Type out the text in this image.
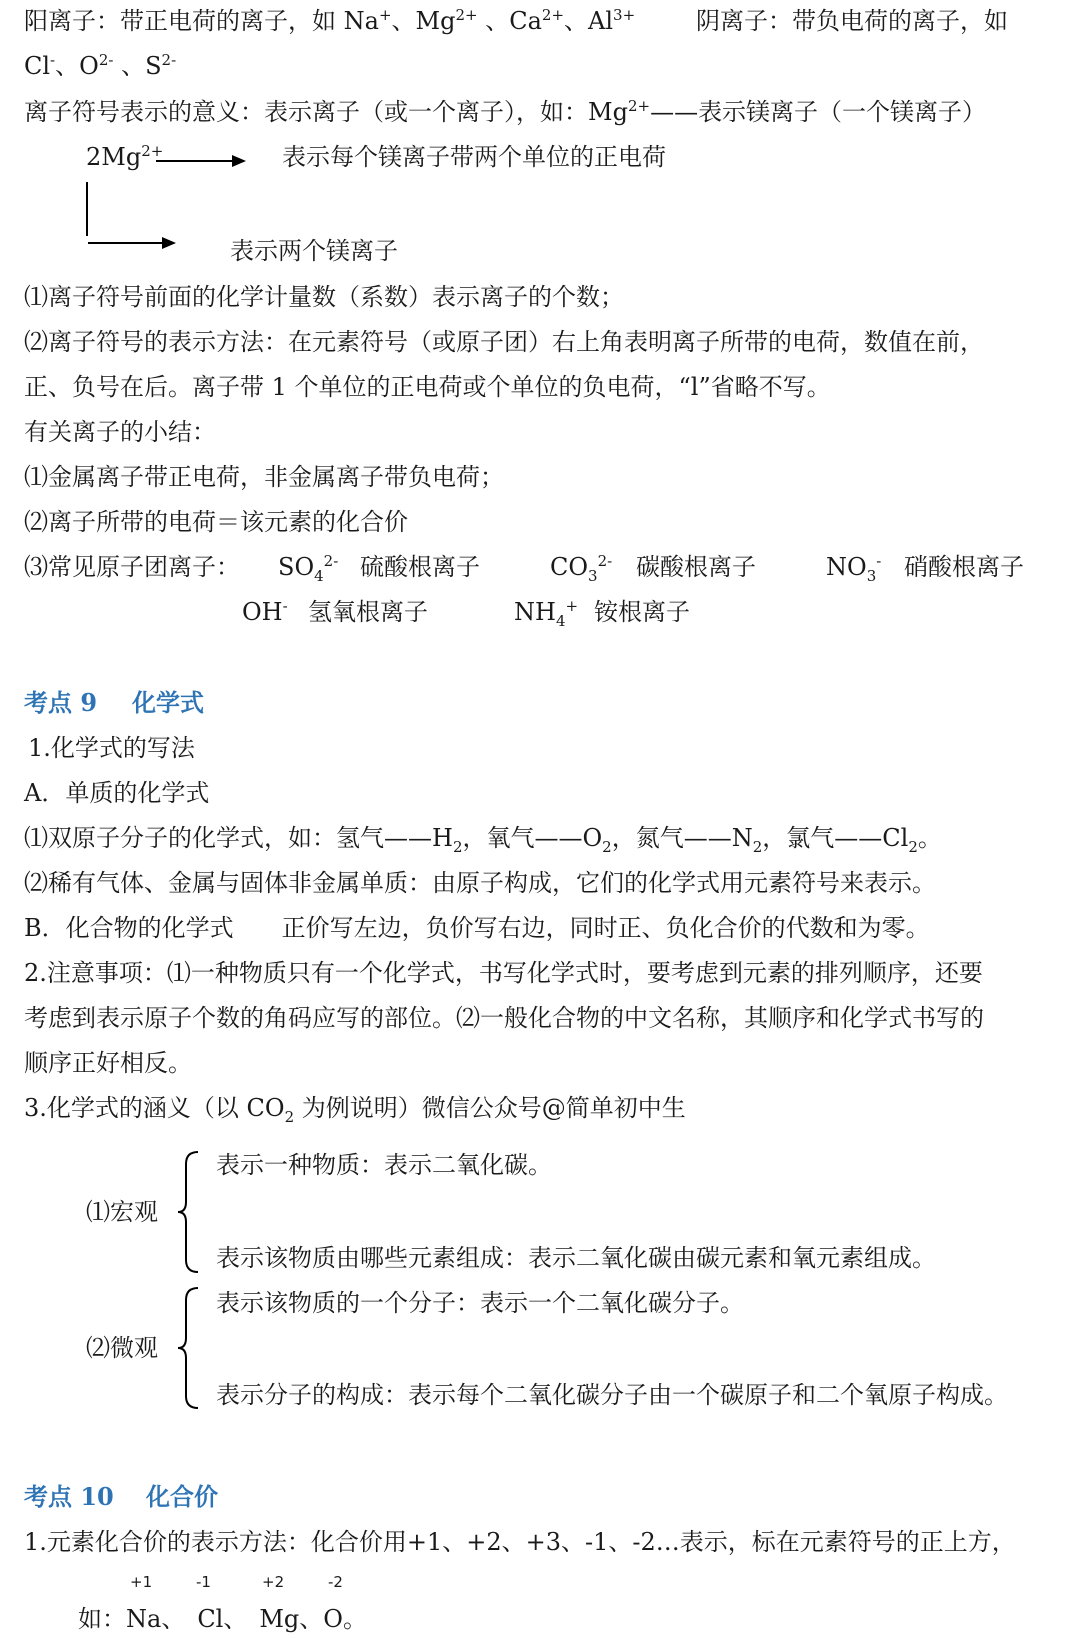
阳离子：带正电荷的离子，如 Na+、$Mg^{2+}$ 、$Ca^{2+}$、$Al^{3+}$	阴离子：带负电荷的离子，如
Cl-、$O^{2-}$ 、$S^{2-}$
离子符号表示的意义：表示离子（或一个离子），如：$Mg^{2+}——$表示镁离子（一个镁离子）
$2Mg^{2+}$	表示每个镁离子带两个单位的正电荷
表示两个镁离子
⑴离子符号前面的化学计量数（系数）表示离子的个数；
⑵离子符号的表示方法：在元素符号（或原子团）右上角表明离子所带的电荷，数值在前，
正、负号在后。离子带 1 个单位的正电荷或个单位的负电荷，“l”省略不写。
有关离子的小结：
⑴金属离子带正电荷，非金属离子带负电荷；
⑵离子所带的电荷＝该元素的化合价
⑶常见原子团离子： $SO_4^{2-}$ 硫酸根离子	$CO_3^{2-}$ 碳酸根离子	$NO_3^-$ 硝酸根离子
OH- 氢氧根离子	$NH_4^+$ 铵根离子
考点 9 化学式
1.化学式的写法
A．单质的化学式
⑴双原子分子的化学式，如：氢气$——H_2$，氧气$——O_2$，氮气$——N_2$，氯气$——Cl_2$。
⑵稀有气体、金属与固体非金属单质：由原子构成，它们的化学式用元素符号来表示。
B．化合物的化学式　　正价写左边，负价写右边，同时正、负化合价的代数和为零。
2.注意事项：⑴一种物质只有一个化学式，书写化学式时，要考虑到元素的排列顺序，还要
考虑到表示原子个数的角码应写的部位。⑵一般化合物的中文名称，其顺序和化学式书写的
顺序正好相反。
3.化学式的涵义（以 $CO_2$ 为例说明）微信公众号@简单初中生
⑴宏观
表示一种物质：表示二氧化碳。
表示该物质由哪些元素组成：表示二氧化碳由碳元素和氧元素组成。
⑵微观
表示该物质的一个分子：表示一个二氧化碳分子。
表示分子的构成：表示每个二氧化碳分子由一个碳原子和二个氧原子构成。
考点 10 化合价
1.元素化合价的表示方法：化合价用+1、+2、+3、-1、-2…表示，标在元素符号的正上方，
+1	-1	+2	-2
如：Na、 Cl、 Mg、O。
